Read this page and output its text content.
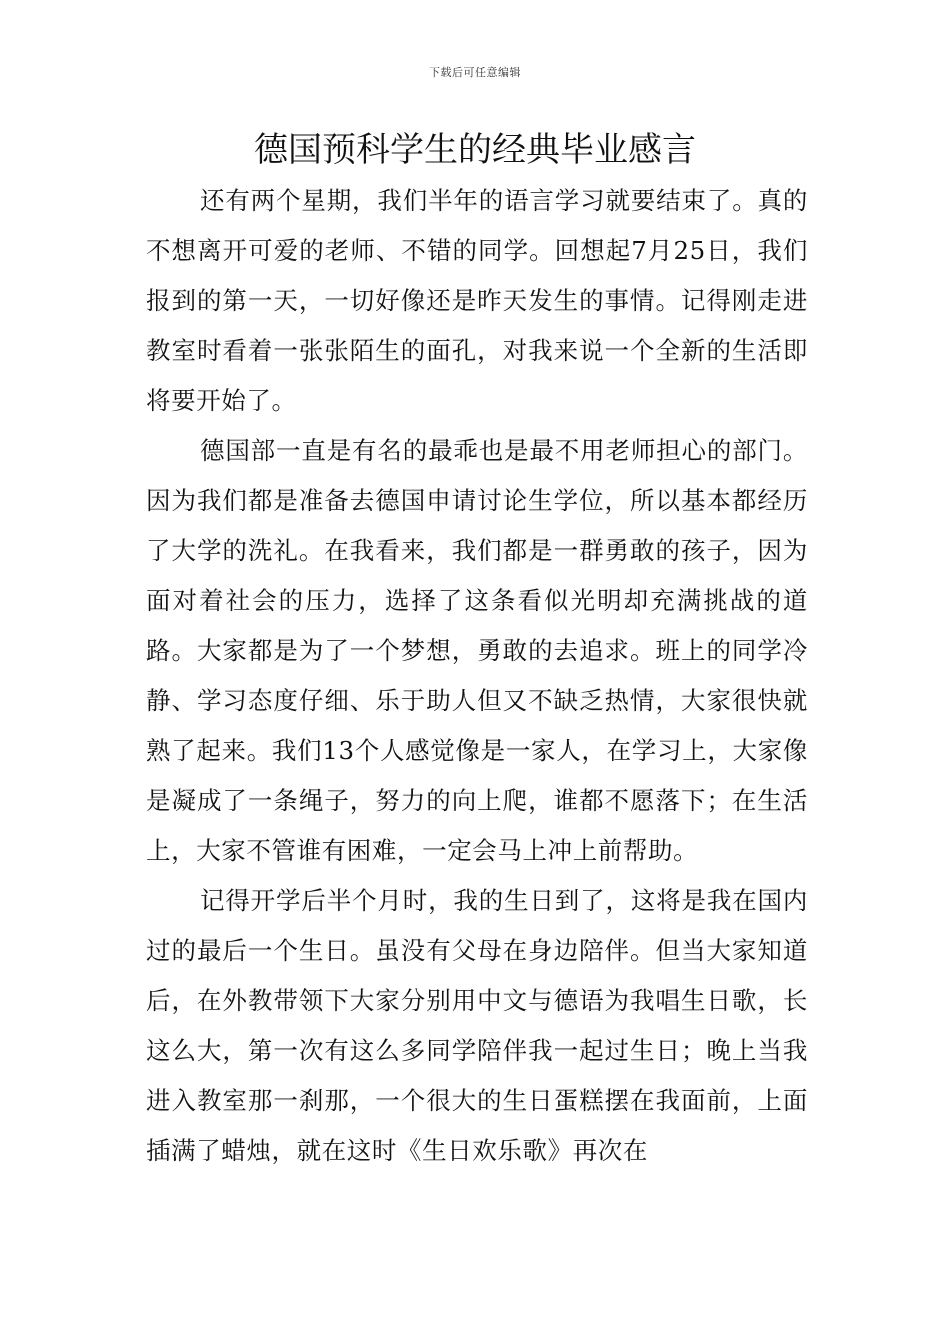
下载后可任意编辑
德国预科学生的经典毕业感言

还有两个星期，我们半年的语言学习就要结束了。真的不想离开可爱的老师、不错的同学。回想起7月25日，我们报到的第一天，一切好像还是昨天发生的事情。记得刚走进教室时看着一张张陌生的面孔，对我来说一个全新的生活即将要开始了。

德国部一直是有名的最乖也是最不用老师担心的部门。因为我们都是准备去德国申请讨论生学位，所以基本都经历了大学的洗礼。在我看来，我们都是一群勇敢的孩子，因为面对着社会的压力，选择了这条看似光明却充满挑战的道路。大家都是为了一个梦想，勇敢的去追求。班上的同学冷静、学习态度仔细、乐于助人但又不缺乏热情，大家很快就熟了起来。我们13个人感觉像是一家人，在学习上，大家像是凝成了一条绳子，努力的向上爬，谁都不愿落下；在生活上，大家不管谁有困难，一定会马上冲上前帮助。

记得开学后半个月时，我的生日到了，这将是我在国内过的最后一个生日。虽没有父母在身边陪伴。但当大家知道后，在外教带领下大家分别用中文与德语为我唱生日歌，长这么大，第一次有这么多同学陪伴我一起过生日；晚上当我进入教室那一刹那，一个很大的生日蛋糕摆在我面前，上面插满了蜡烛，就在这时《生日欢乐歌》再次在
